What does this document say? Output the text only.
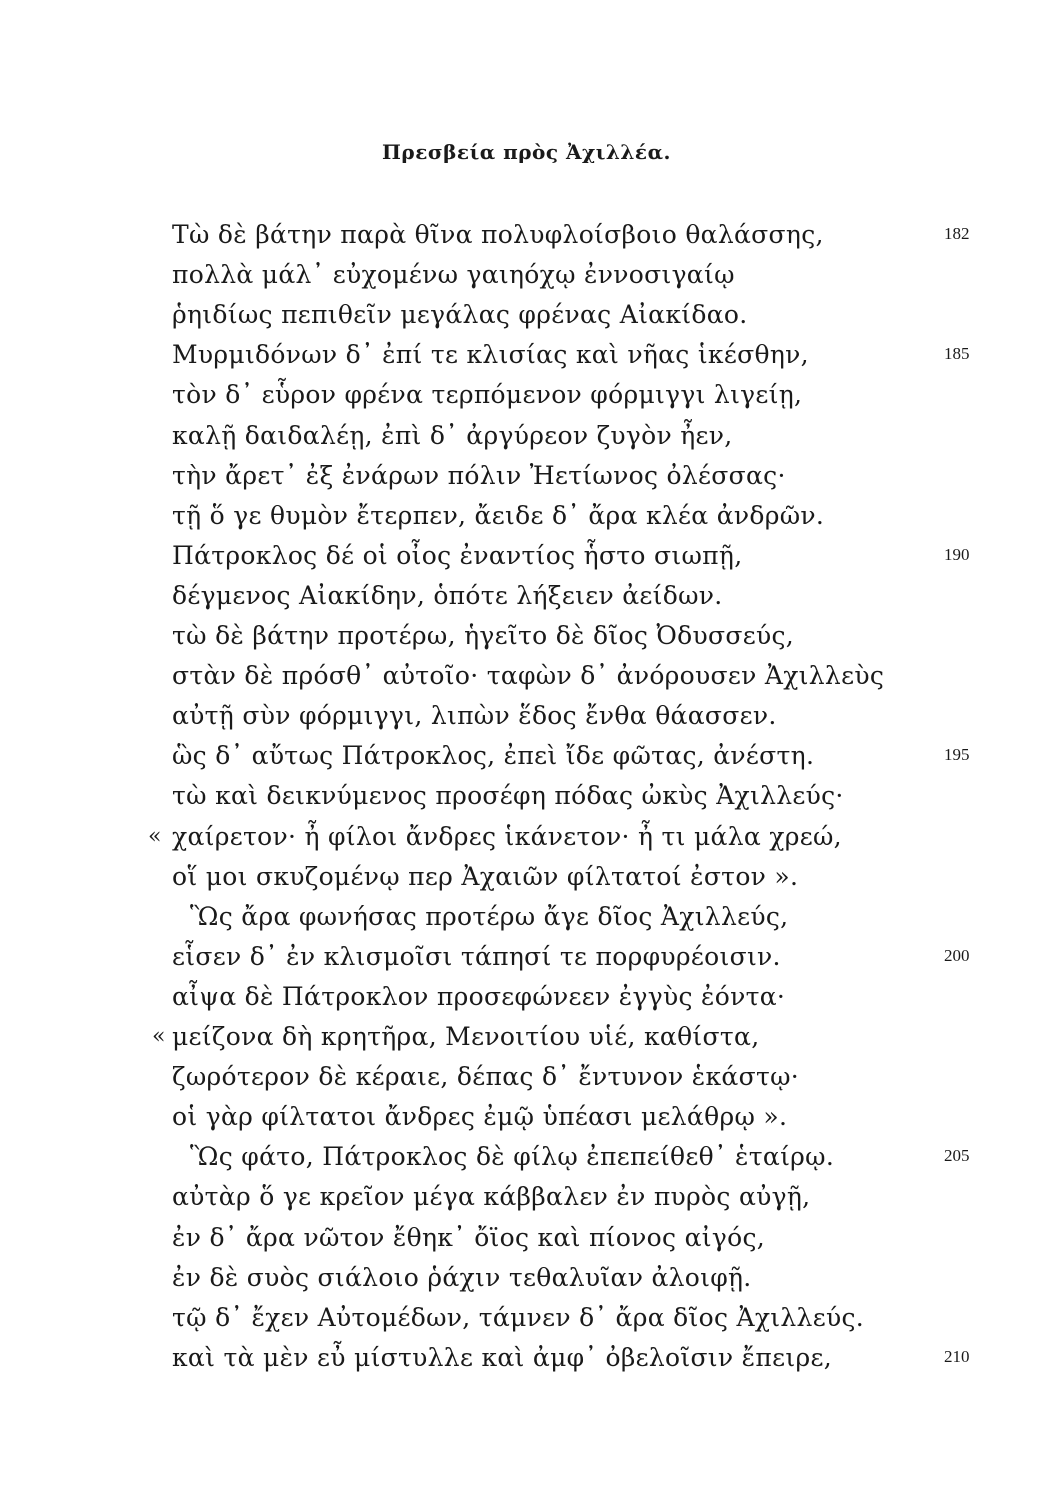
Πρεσβεία πρὸς Ἀχιλλέα.
Τὼ δὲ βάτην παρὰ θῖνα πολυφλοίσβοιο θαλάσσης,	182
πολλὰ μάλ᾿ εὐχομένω γαιηόχῳ ἐννοσιγαίῳ
ῥηιδίως πεπιθεῖν μεγάλας φρένας Αἰακίδαο.
Μυρμιδόνων δ᾿ ἐπί τε κλισίας καὶ νῆας ἱκέσθην,	185
τὸν δ᾿ εὗρον φρένα τερπόμενον φόρμιγγι λιγείῃ,
καλῇ δαιδαλέῃ, ἐπὶ δ᾿ ἀργύρεον ζυγὸν ἦεν,
τὴν ἄρετ᾿ ἐξ ἐνάρων πόλιν Ἠετίωνος ὀλέσσας·
τῇ ὅ γε θυμὸν ἔτερπεν, ἄειδε δ᾿ ἄρα κλέα ἀνδρῶν.
Πάτροκλος δέ οἱ οἶος ἐναντίος ἧστο σιωπῇ,	190
δέγμενος Αἰακίδην, ὁπότε λήξειεν ἀείδων.
τὼ δὲ βάτην προτέρω, ἡγεῖτο δὲ δῖος Ὀδυσσεύς,
στὰν δὲ πρόσθ᾿ αὐτοῖο· ταφὼν δ᾿ ἀνόρουσεν Ἀχιλλεὺς
αὐτῇ σὺν φόρμιγγι, λιπὼν ἕδος ἔνθα θάασσεν.
ὣς δ᾿ αὔτως Πάτροκλος, ἐπεὶ ἴδε φῶτας, ἀνέστη.	195
τὼ καὶ δεικνύμενος προσέφη πόδας ὠκὺς Ἀχιλλεύς·
« χαίρετον· ἦ φίλοι ἄνδρες ἱκάνετον· ἦ τι μάλα χρεώ,
οἵ μοι σκυζομένῳ περ Ἀχαιῶν φίλτατοί ἐστον ».
Ὣς ἄρα φωνήσας προτέρω ἄγε δῖος Ἀχιλλεύς,
εἷσεν δ᾿ ἐν κλισμοῖσι τάπησί τε πορφυρέοισιν.	200
αἶψα δὲ Πάτροκλον προσεφώνεεν ἐγγὺς ἐόντα·
« μείζονα δὴ κρητῆρα, Μενοιτίου υἱέ, καθίστα,
ζωρότερον δὲ κέραιε, δέπας δ᾿ ἔντυνον ἑκάστῳ·
οἱ γὰρ φίλτατοι ἄνδρες ἐμῷ ὑπέασι μελάθρῳ ».
Ὣς φάτο, Πάτροκλος δὲ φίλῳ ἐπεπείθεθ᾿ ἑταίρῳ.	205
αὐτὰρ ὅ γε κρεῖον μέγα κάββαλεν ἐν πυρὸς αὐγῇ,
ἐν δ᾿ ἄρα νῶτον ἔθηκ᾿ ὄϊος καὶ πίονος αἰγός,
ἐν δὲ συὸς σιάλοιο ῥάχιν τεθαλυῖαν ἀλοιφῇ.
τῷ δ᾿ ἔχεν Αὐτομέδων, τάμνεν δ᾿ ἄρα δῖος Ἀχιλλεύς.
καὶ τὰ μὲν εὖ μίστυλλε καὶ ἀμφ᾿ ὀβελοῖσιν ἔπειρε,	210
